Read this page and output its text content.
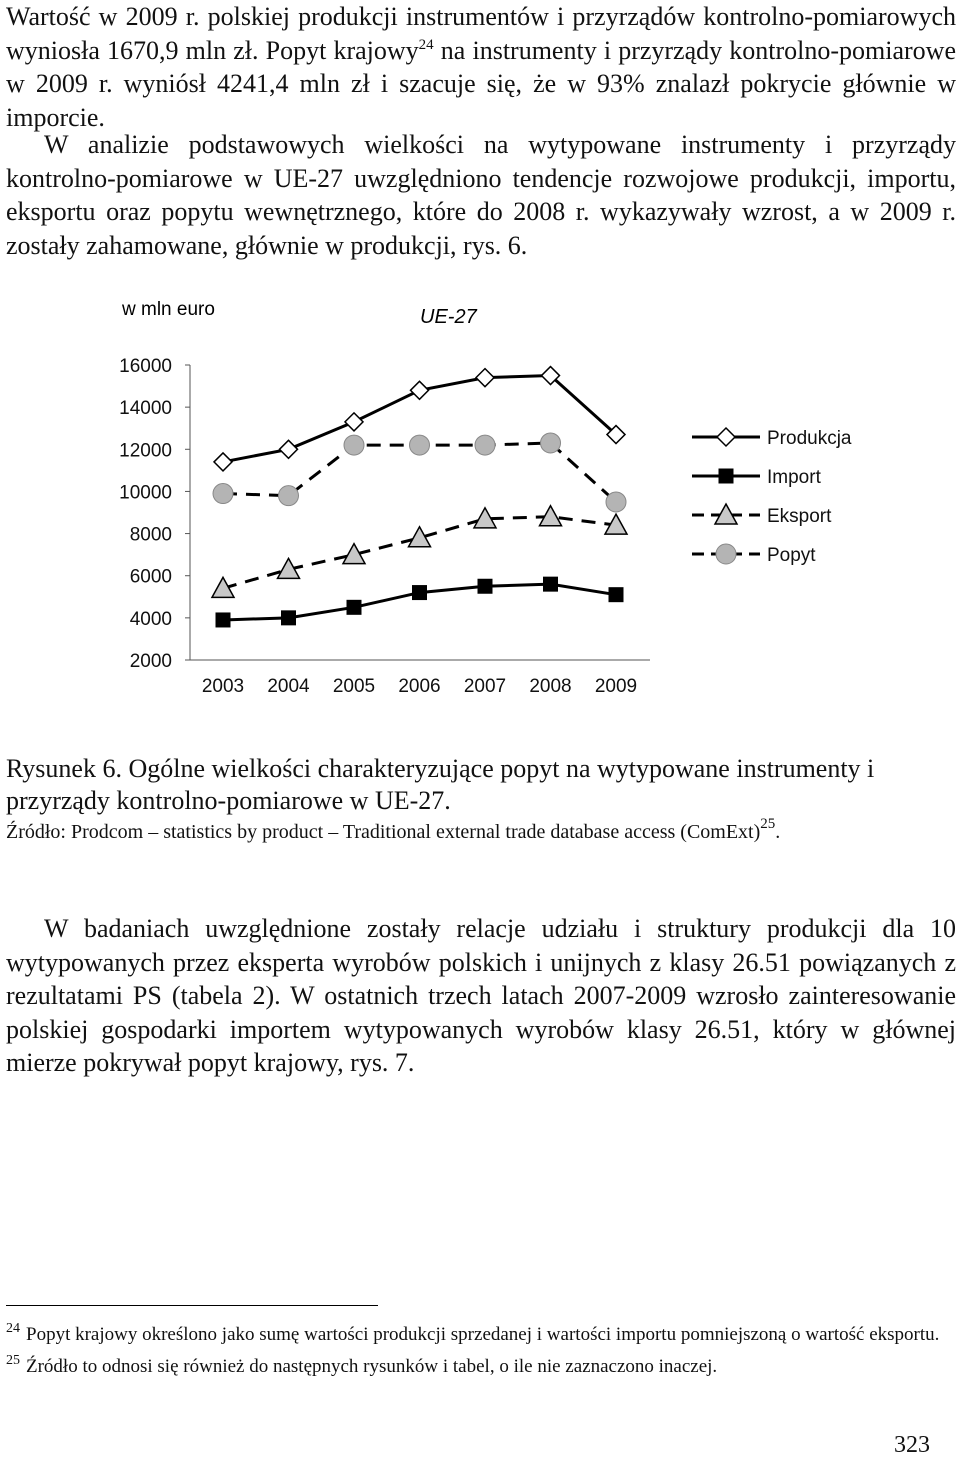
Wartość w 2009 r. polskiej produkcji instrumentów i przyrządów kontrolno-pomiarowych wyniosła 1670,9 mln zł. Popyt krajowy$^{24}$ na instrumenty i przyrządy kontrolno-pomiarowe w 2009 r. wyniósł 4241,4 mln zł i szacuje się, że w 93% znalazł pokrycie głównie w imporcie.

W analizie podstawowych wielkości na wytypowane instrumenty i przyrządy kontrolno-pomiarowe w UE-27 uwzględniono tendencje rozwojowe produkcji, importu, eksportu oraz popytu wewnętrznego, które do 2008 r. wykazywały wzrost, a w 2009 r. zostały zahamowane, głównie w produkcji, rys. 6.

16000
14000
12000
10000
8000
6000
4000
2000
2003 2004 2005 2006 2007 2008 2009
Produkcja
Import
Eksport
Popyt
w mln euro	UE-27

Rysunek 6. Ogólne wielkości charakteryzujące popyt na wytypowane instrumenty i przyrządy kontrolno-pomiarowe w UE-27.

Źródło: Prodcom – statistics by product – Traditional external trade database access (ComExt)$^{25}$.

W badaniach uwzględnione zostały relacje udziału i struktury produkcji dla 10 wytypowanych przez eksperta wyrobów polskich i unijnych z klasy 26.51 powiązanych z rezultatami PS (tabela 2). W ostatnich trzech latach 2007-2009 wzrosło zainteresowanie polskiej gospodarki importem wytypowanych wyrobów klasy 26.51, który w głównej mierze pokrywał popyt krajowy, rys. 7.

24 Popyt krajowy określono jako sumę wartości produkcji sprzedanej i wartości importu pomniejszoną o wartość eksportu.

25 Źródło to odnosi się również do następnych rysunków i tabel, o ile nie zaznaczono inaczej.

323
